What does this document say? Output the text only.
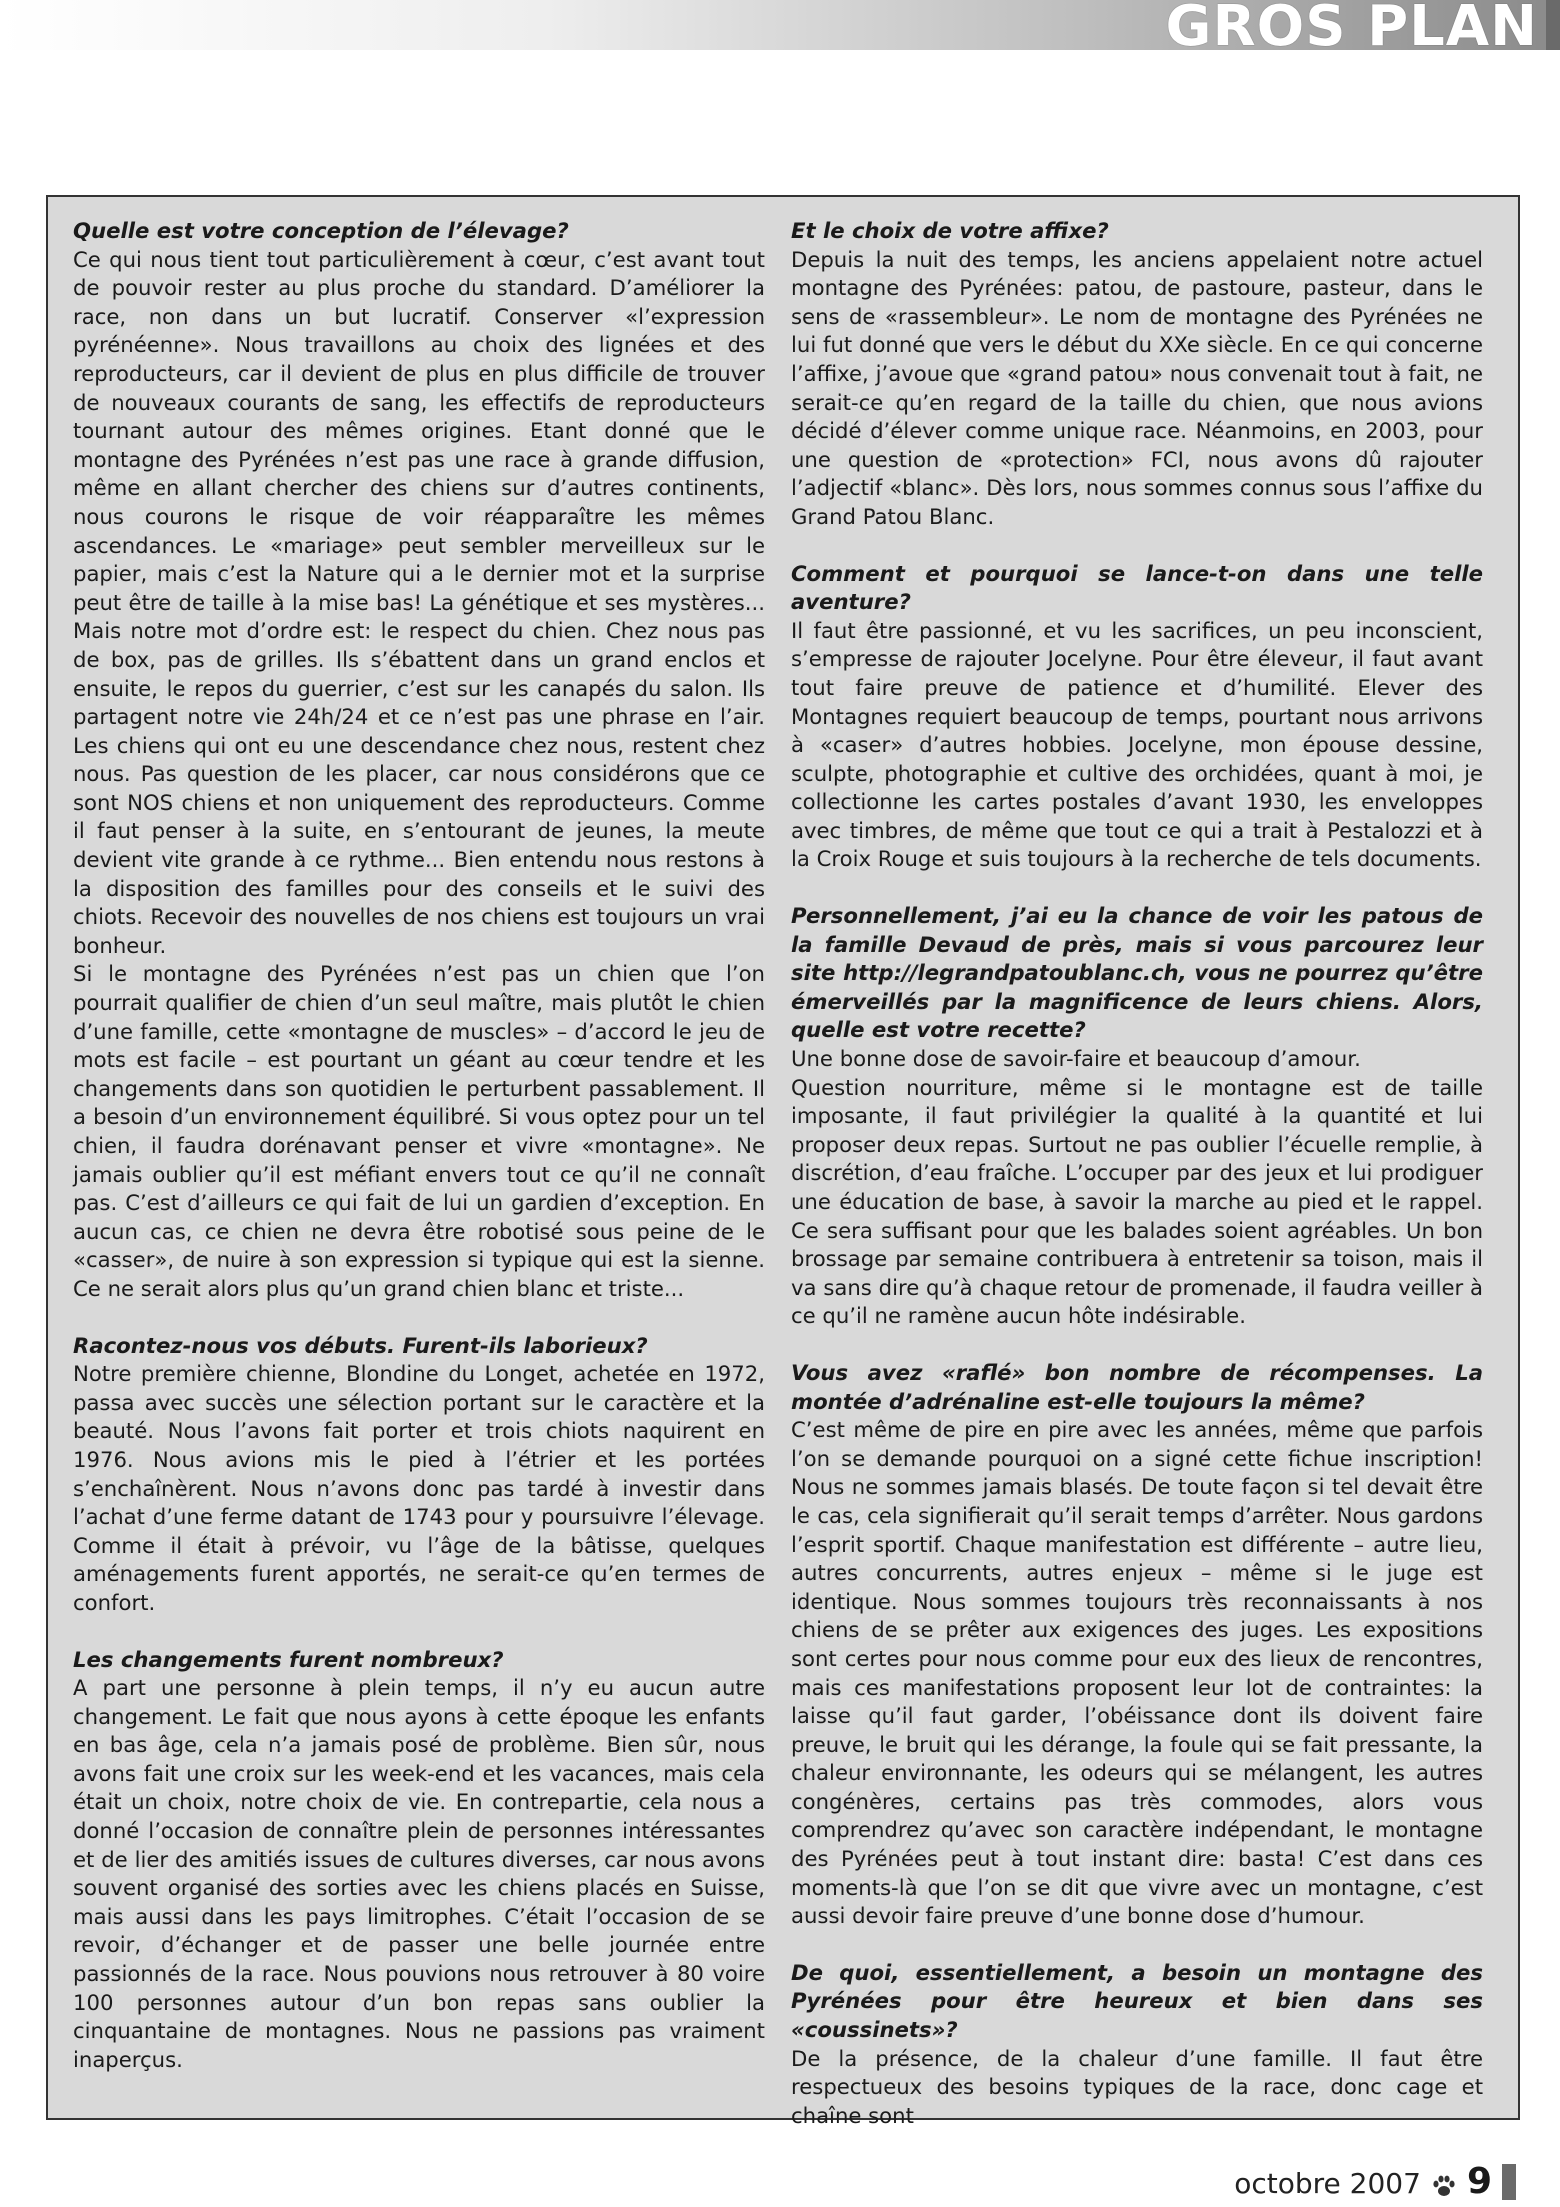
GROS PLAN

Quelle est votre conception de l’élevage?

Ce qui nous tient tout particulièrement à cœur, c’est avant tout de pouvoir rester au plus proche du standard. D’améliorer la race, non dans un but lucratif. Conserver «l’expression pyrénéenne». Nous travaillons au choix des lignées et des reproducteurs, car il devient de plus en plus difficile de trouver de nouveaux courants de sang, les effectifs de reproducteurs tournant autour des mêmes origines. Etant donné que le montagne des Pyrénées n’est pas une race à grande diffusion, même en allant chercher des chiens sur d’autres continents, nous courons le risque de voir réapparaître les mêmes ascendances. Le «mariage» peut sembler merveilleux sur le papier, mais c’est la Nature qui a le dernier mot et la surprise peut être de taille à la mise bas! La génétique et ses mystères... Mais notre mot d’ordre est: le respect du chien. Chez nous pas de box, pas de grilles. Ils s’ébattent dans un grand enclos et ensuite, le repos du guerrier, c’est sur les canapés du salon. Ils partagent notre vie 24h/24 et ce n’est pas une phrase en l’air. Les chiens qui ont eu une descendance chez nous, restent chez nous. Pas question de les placer, car nous considérons que ce sont NOS chiens et non uniquement des reproducteurs. Comme il faut penser à la suite, en s’entourant de jeunes, la meute devient vite grande à ce rythme... Bien entendu nous restons à la disposition des familles pour des conseils et le suivi des chiots. Recevoir des nouvelles de nos chiens est toujours un vrai bonheur.

Si le montagne des Pyrénées n’est pas un chien que l’on pourrait qualifier de chien d’un seul maître, mais plutôt le chien d’une famille, cette «montagne de muscles» – d’accord le jeu de mots est facile – est pourtant un géant au cœur tendre et les changements dans son quotidien le perturbent passablement. Il a besoin d’un environnement équilibré. Si vous optez pour un tel chien, il faudra dorénavant penser et vivre «montagne». Ne jamais oublier qu’il est méfiant envers tout ce qu’il ne connaît pas. C’est d’ailleurs ce qui fait de lui un gardien d’exception. En aucun cas, ce chien ne devra être robotisé sous peine de le «casser», de nuire à son expression si typique qui est la sienne. Ce ne serait alors plus qu’un grand chien blanc et triste...

Racontez-nous vos débuts. Furent-ils laborieux?

Notre première chienne, Blondine du Longet, achetée en 1972, passa avec succès une sélection portant sur le caractère et la beauté. Nous l’avons fait porter et trois chiots naquirent en 1976. Nous avions mis le pied à l’étrier et les portées s’enchaînèrent. Nous n’avons donc pas tardé à investir dans l’achat d’une ferme datant de 1743 pour y poursuivre l’élevage. Comme il était à prévoir, vu l’âge de la bâtisse, quelques aménagements furent apportés, ne serait-ce qu’en termes de confort.

Les changements furent nombreux?

A part une personne à plein temps, il n’y eu aucun autre changement. Le fait que nous ayons à cette époque les enfants en bas âge, cela n’a jamais posé de problème. Bien sûr, nous avons fait une croix sur les week-end et les vacances, mais cela était un choix, notre choix de vie. En contrepartie, cela nous a donné l’occasion de connaître plein de personnes intéressantes et de lier des amitiés issues de cultures diverses, car nous avons souvent organisé des sorties avec les chiens placés en Suisse, mais aussi dans les pays limitrophes. C’était l’occasion de se revoir, d’échanger et de passer une belle journée entre passionnés de la race. Nous pouvions nous retrouver à 80 voire 100 personnes autour d’un bon repas sans oublier la cinquantaine de montagnes. Nous ne passions pas vraiment inaperçus.

Et le choix de votre affixe?

Depuis la nuit des temps, les anciens appelaient notre actuel montagne des Pyrénées: patou, de pastoure, pasteur, dans le sens de «rassembleur». Le nom de montagne des Pyrénées ne lui fut donné que vers le début du XXe siècle. En ce qui concerne l’affixe, j’avoue que «grand patou» nous convenait tout à fait, ne serait-ce qu’en regard de la taille du chien, que nous avions décidé d’élever comme unique race. Néanmoins, en 2003, pour une question de «protection» FCI, nous avons dû rajouter l’adjectif «blanc». Dès lors, nous sommes connus sous l’affixe du Grand Patou Blanc.

Comment et pourquoi se lance-t-on dans une telle aventure?

Il faut être passionné, et vu les sacrifices, un peu inconscient, s’empresse de rajouter Jocelyne. Pour être éleveur, il faut avant tout faire preuve de patience et d’humilité. Elever des Montagnes requiert beaucoup de temps, pourtant nous arrivons à «caser» d’autres hobbies. Jocelyne, mon épouse dessine, sculpte, photographie et cultive des orchidées, quant à moi, je collectionne les cartes postales d’avant 1930, les enveloppes avec timbres, de même que tout ce qui a trait à Pestalozzi et à la Croix Rouge et suis toujours à la recherche de tels documents.

Personnellement, j’ai eu la chance de voir les patous de la famille Devaud de près, mais si vous parcourez leur site http://legrandpatoublanc.ch, vous ne pourrez qu’être émerveillés par la magnificence de leurs chiens. Alors, quelle est votre recette?

Une bonne dose de savoir-faire et beaucoup d’amour.

Question nourriture, même si le montagne est de taille imposante, il faut privilégier la qualité à la quantité et lui proposer deux repas. Surtout ne pas oublier l’écuelle remplie, à discrétion, d’eau fraîche. L’occuper par des jeux et lui prodiguer une éducation de base, à savoir la marche au pied et le rappel. Ce sera suffisant pour que les balades soient agréables. Un bon brossage par semaine contribuera à entretenir sa toison, mais il va sans dire qu’à chaque retour de promenade, il faudra veiller à ce qu’il ne ramène aucun hôte indésirable.

Vous avez «raflé» bon nombre de récompenses. La montée d’adrénaline est-elle toujours la même?

C’est même de pire en pire avec les années, même que parfois l’on se demande pourquoi on a signé cette fichue inscription! Nous ne sommes jamais blasés. De toute façon si tel devait être le cas, cela signifierait qu’il serait temps d’arrêter. Nous gardons l’esprit sportif. Chaque manifestation est différente – autre lieu, autres concurrents, autres enjeux – même si le juge est identique. Nous sommes toujours très reconnaissants à nos chiens de se prêter aux exigences des juges. Les expositions sont certes pour nous comme pour eux des lieux de rencontres, mais ces manifestations proposent leur lot de contraintes: la laisse qu’il faut garder, l’obéissance dont ils doivent faire preuve, le bruit qui les dérange, la foule qui se fait pressante, la chaleur environnante, les odeurs qui se mélangent, les autres congénères, certains pas très commodes, alors vous comprendrez qu’avec son caractère indépendant, le montagne des Pyrénées peut à tout instant dire: basta! C’est dans ces moments-là que l’on se dit que vivre avec un montagne, c’est aussi devoir faire preuve d’une bonne dose d’humour.

De quoi, essentiellement, a besoin un montagne des Pyrénées pour être heureux et bien dans ses «coussinets»?

De la présence, de la chaleur d’une famille. Il faut être respectueux des besoins typiques de la race, donc cage et chaîne sont

octobre 2007 9
